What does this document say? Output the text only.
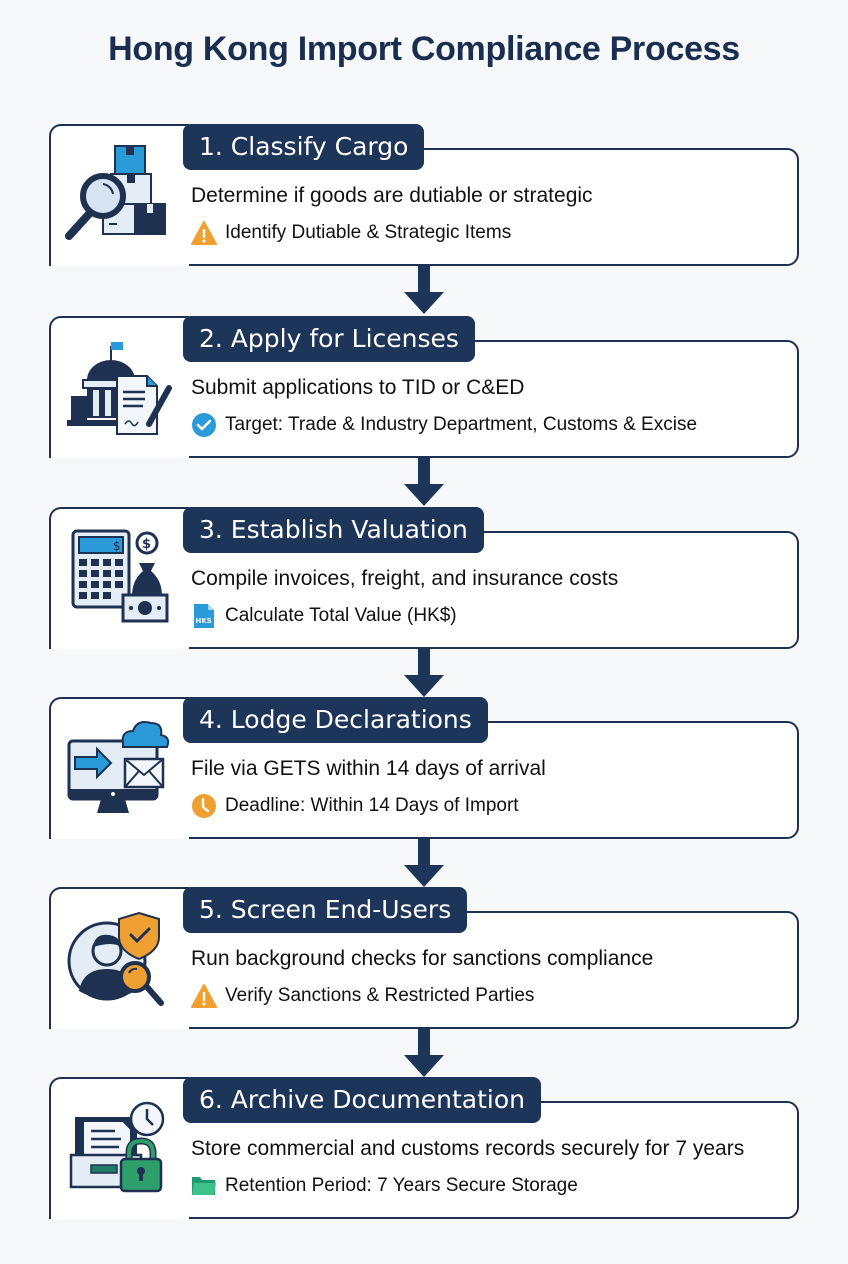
Hong Kong Import Compliance Process
1. Classify Cargo
Determine if goods are dutiable or strategic
Identify Dutiable & Strategic Items
2. Apply for Licenses
Submit applications to TID or C&ED
Target: Trade & Industry Department, Customs & Excise
3. Establish Valuation
$ $
Compile invoices, freight, and insurance costs
HKS Calculate Total Value (HK$)
4. Lodge Declarations
File via GETS within 14 days of arrival
Deadline: Within 14 Days of Import
5. Screen End-Users
Run background checks for sanctions compliance
Verify Sanctions & Restricted Parties
6. Archive Documentation
Store commercial and customs records securely for 7 years
Retention Period: 7 Years Secure Storage
